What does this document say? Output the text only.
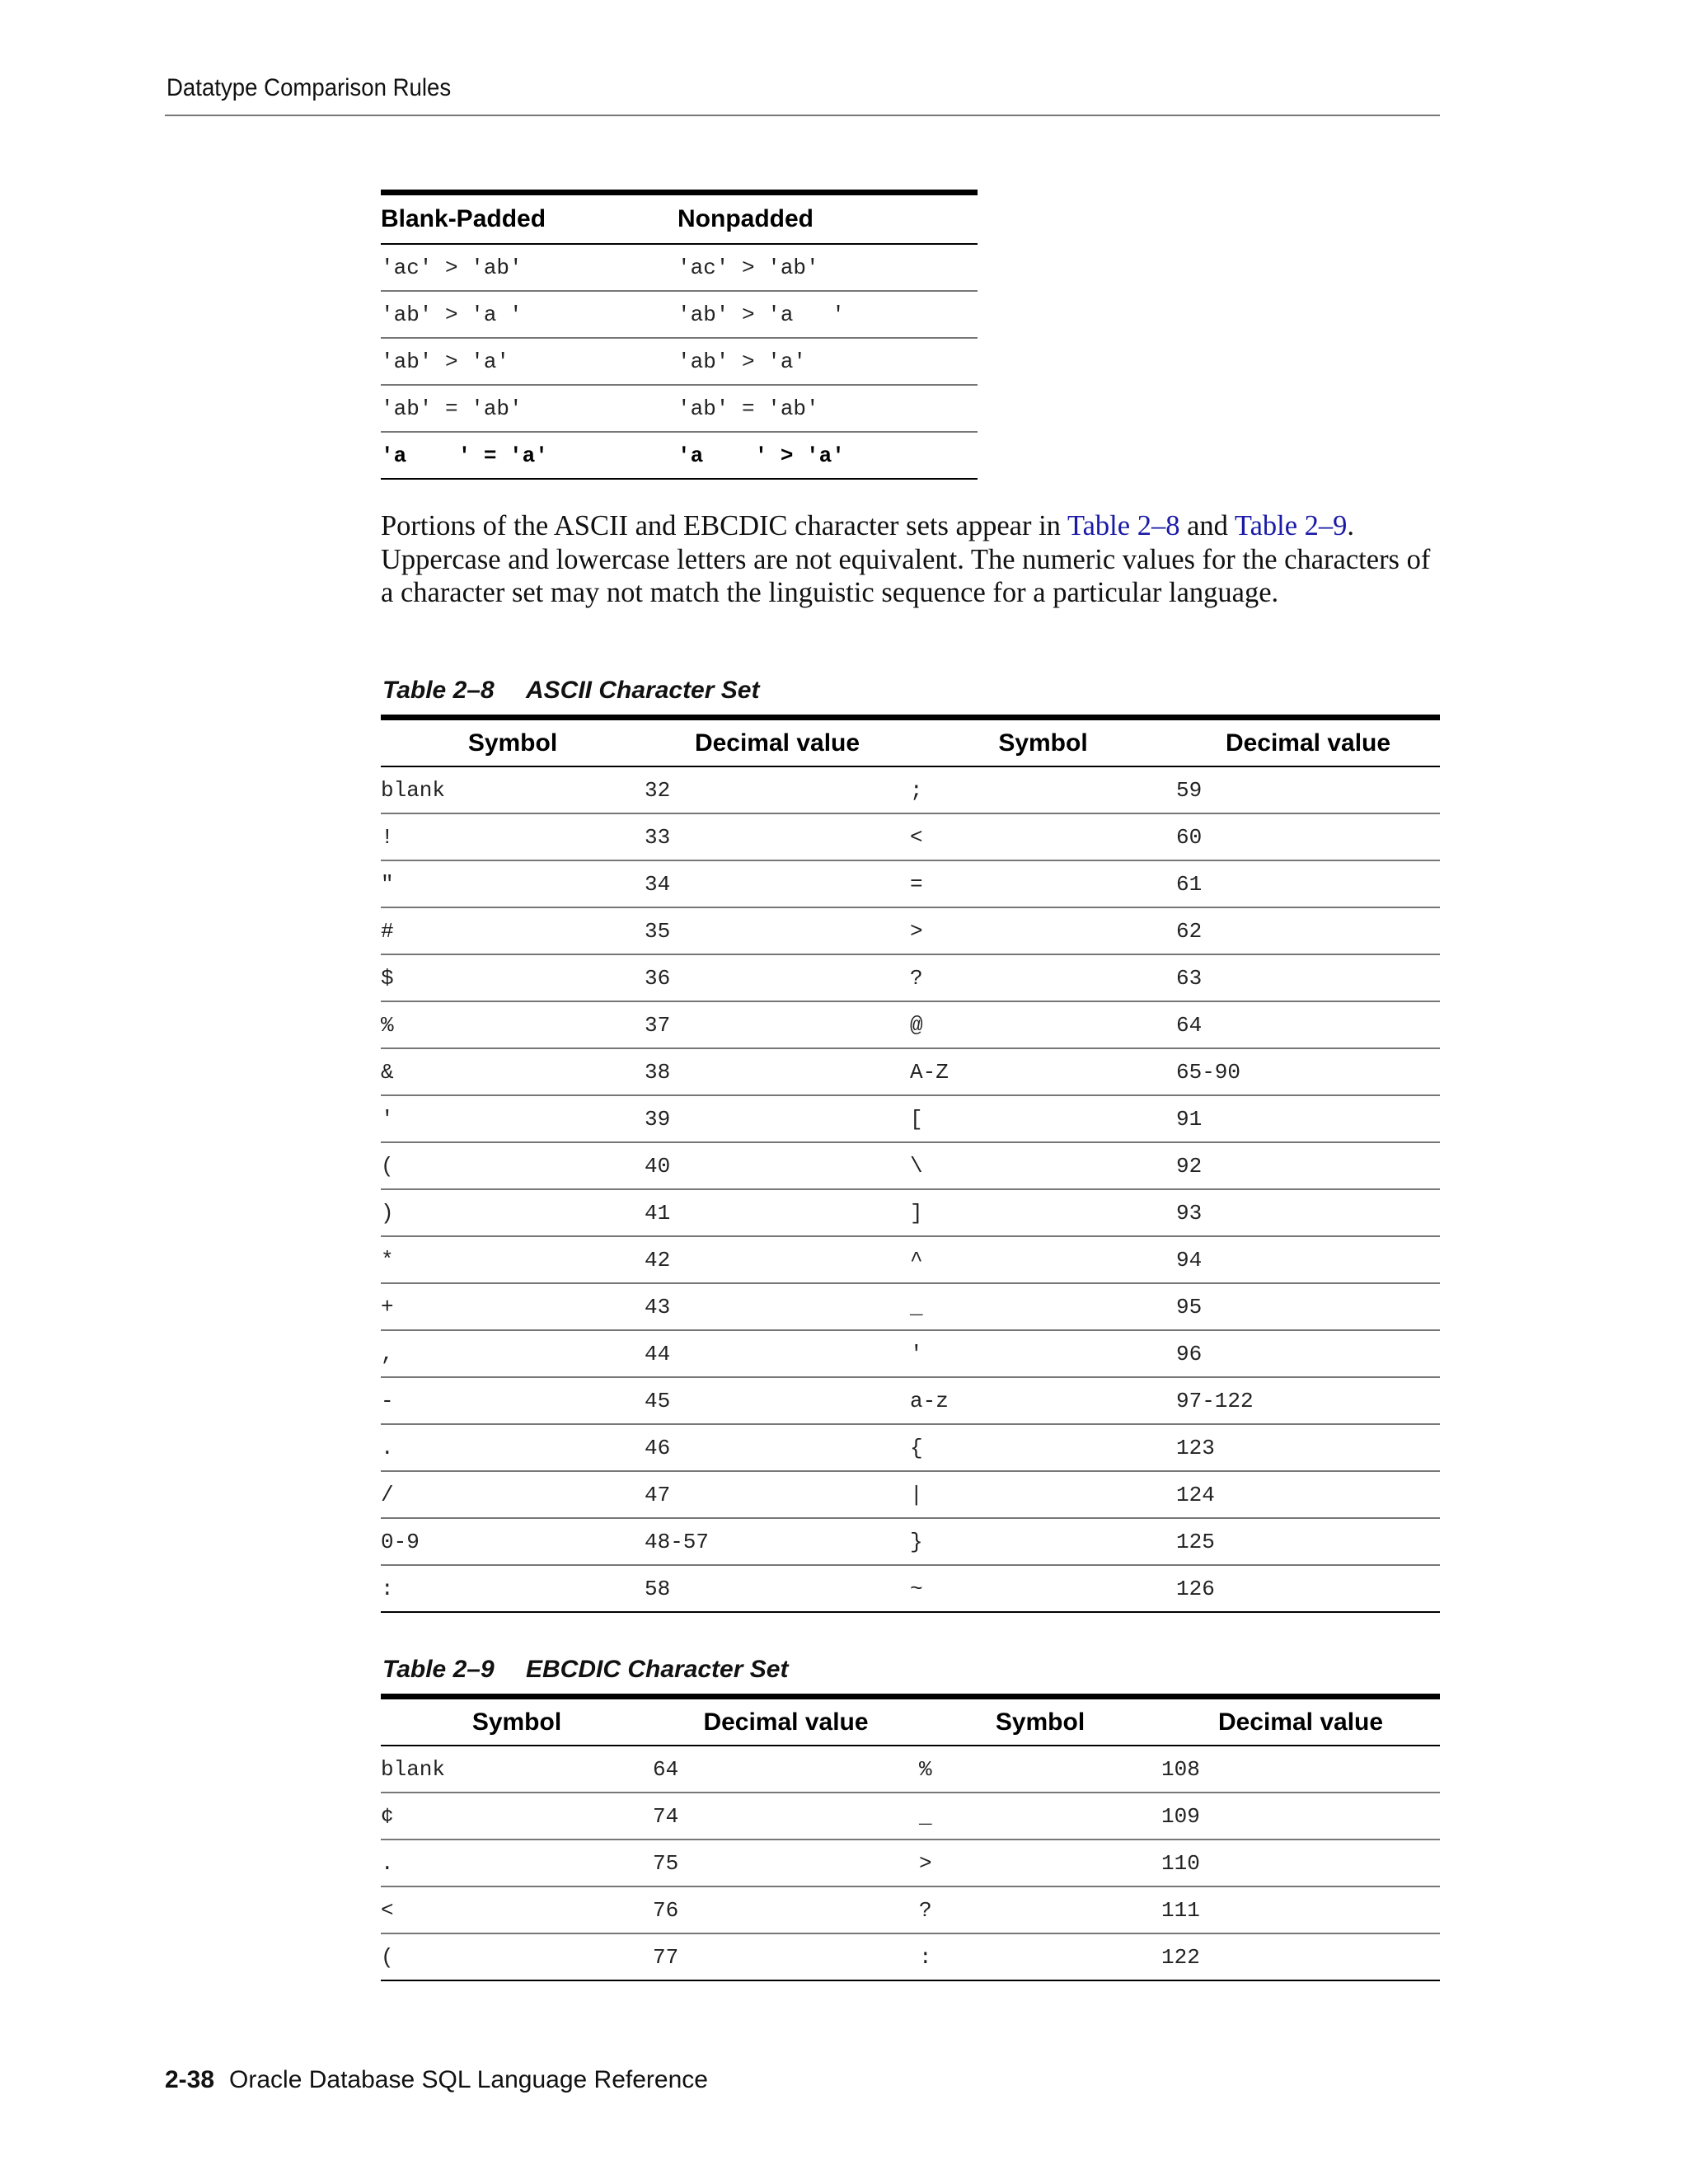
Datatype Comparison Rules
Blank-Padded	Nonpadded
'ac' > 'ab'	'ac' > 'ab'
'ab' > 'a '	'ab' > 'a   '
'ab' > 'a'	'ab' > 'a'
'ab' = 'ab'	'ab' = 'ab'
'a    ' = 'a'	'a    ' > 'a'

Portions of the ASCII and EBCDIC character sets appear in Table 2–8 and Table 2–9. Uppercase and lowercase letters are not equivalent. The numeric values for the characters of a character set may not match the linguistic sequence for a particular language.

Table 2–8 ASCII Character Set
Symbol	Decimal value	Symbol	Decimal value
blank	32	;	59
!	33	<	60
"	34	=	61
#	35	>	62
$	36	?	63
%	37	@	64
&	38	A-Z	65-90
'	39	[	91
(	40	\	92
)	41	]	93
*	42	^	94
+	43	_	95
,	44	'	96
-	45	a-z	97-122
.	46	{	123
/	47	|	124
0-9	48-57	}	125
:	58	~	126
Table 2–9 EBCDIC Character Set
Symbol	Decimal value	Symbol	Decimal value
blank	64	%	108
¢	74	_	109
.	75	>	110
<	76	?	111
(	77	:	122
2-38 Oracle Database SQL Language Reference
